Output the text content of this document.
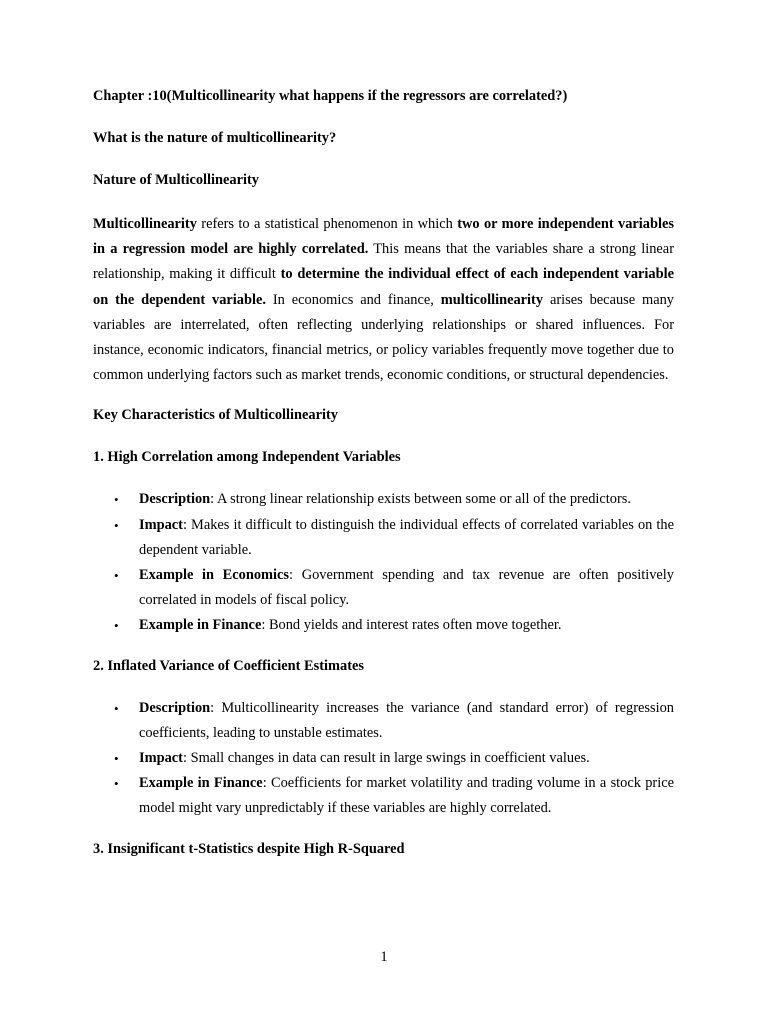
Chapter :10(Multicollinearity what happens if the regressors are correlated?)

What is the nature of multicollinearity?

Nature of Multicollinearity

Multicollinearity refers to a statistical phenomenon in which two or more independent variables in a regression model are highly correlated. This means that the variables share a strong linear relationship, making it difficult to determine the individual effect of each independent variable on the dependent variable. In economics and finance, multicollinearity arises because many variables are interrelated, often reflecting underlying relationships or shared influences. For instance, economic indicators, financial metrics, or policy variables frequently move together due to common underlying factors such as market trends, economic conditions, or structural dependencies.

Key Characteristics of Multicollinearity

1. High Correlation among Independent Variables

• Description: A strong linear relationship exists between some or all of the predictors.
• Impact: Makes it difficult to distinguish the individual effects of correlated variables on the dependent variable.
• Example in Economics: Government spending and tax revenue are often positively correlated in models of fiscal policy.
• Example in Finance: Bond yields and interest rates often move together.

2. Inflated Variance of Coefficient Estimates

• Description: Multicollinearity increases the variance (and standard error) of regression coefficients, leading to unstable estimates.
• Impact: Small changes in data can result in large swings in coefficient values.
• Example in Finance: Coefficients for market volatility and trading volume in a stock price model might vary unpredictably if these variables are highly correlated.

3. Insignificant t-Statistics despite High R-Squared

1
